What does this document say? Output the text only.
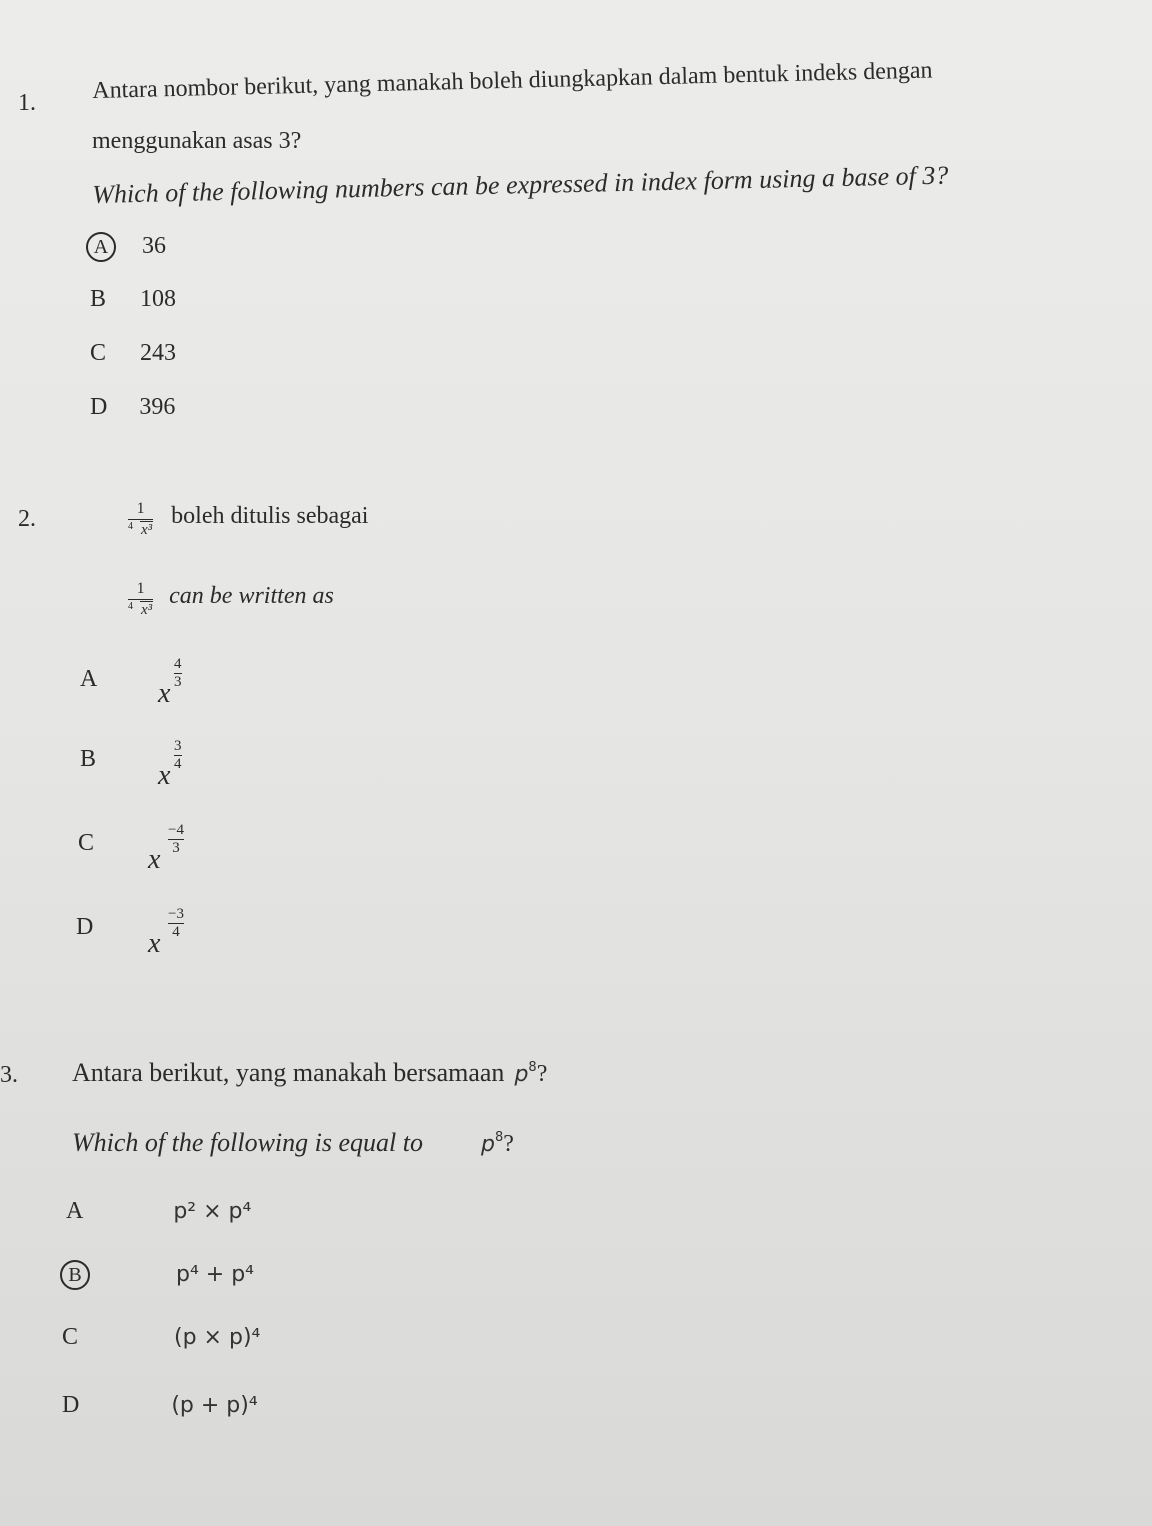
1. Antara nombor berikut, yang manakah boleh diungkapkan dalam bentuk indeks dengan
menggunakan asas 3?
Which of the following numbers can be expressed in index form using a base of 3?
A 36
B 108
C 243
D 396
2.	$\frac{1}{\text{4 x³}}$ boleh ditulis sebagai
$\frac{1}{\text{4 x³}}$ can be written as
A x
4
3
B
x
3
4
C
x
−4
3
D
x
−3
4
3. Antara berikut, yang manakah bersamaan $p^8$?
Which of the following is equal to	$p^8$?
A	p² × p⁴
B	p⁴ + p⁴
C	(p × p)⁴
D	(p + p)⁴
